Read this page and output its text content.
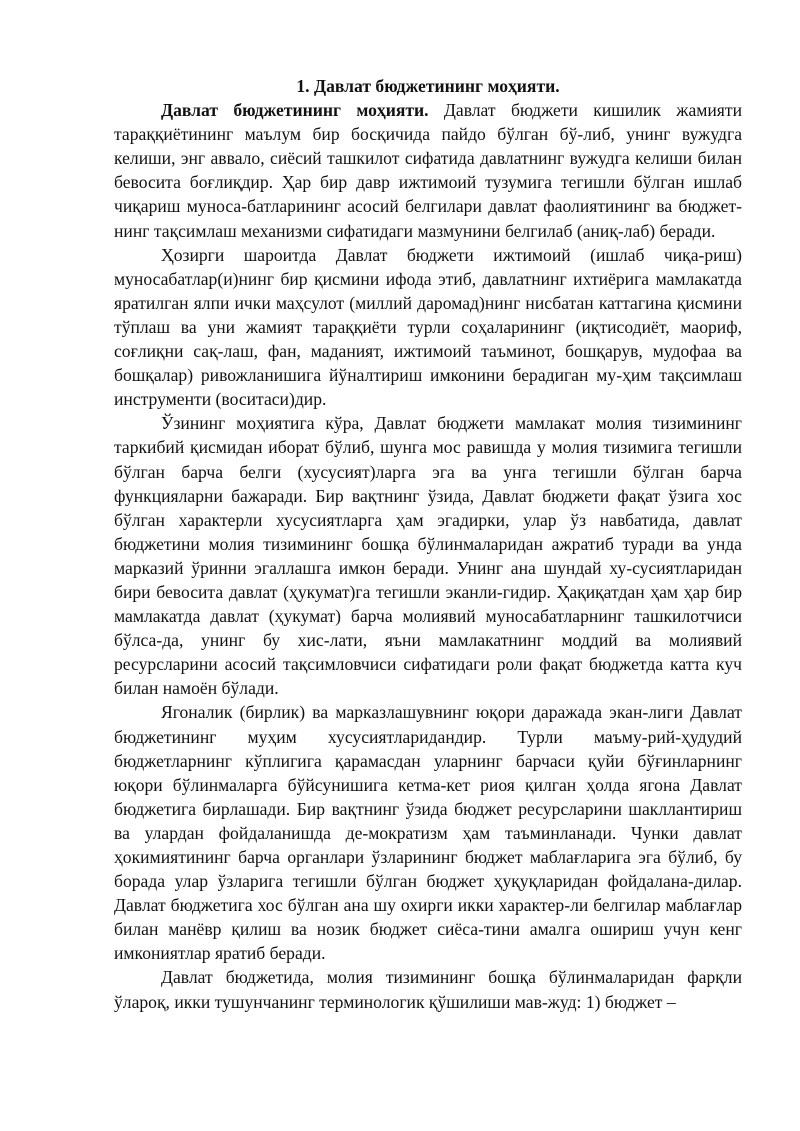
1. Давлат бюджетининг моҳияти.

Давлат бюджетининг моҳияти. Давлат бюджети кишилик жамияти тараққиётининг маълум бир босқичида пайдо бўлган бў-либ, унинг вужудга келиши, энг аввало, сиёсий ташкилот сифатида давлатнинг вужудга келиши билан бевосита боғлиқдир. Ҳар бир давр ижтимоий тузумига тегишли бўлган ишлаб чиқариш муноса-батларининг асосий белгилари давлат фаолиятининг ва бюджет-нинг тақсимлаш механизми сифатидаги мазмунини белгилаб (аниқ-лаб) беради.

Ҳозирги шароитда Давлат бюджети ижтимоий (ишлаб чиқа-риш) муносабатлар(и)нинг бир қисмини ифода этиб, давлатнинг ихтиёрига мамлакатда яратилган ялпи ички маҳсулот (миллий даромад)нинг нисбатан каттагина қисмини тўплаш ва уни жамият тараққиёти турли соҳаларининг (иқтисодиёт, маориф, соғлиқни сақ-лаш, фан, маданият, ижтимоий таъминот, бошқарув, мудофаа ва бошқалар) ривожланишига йўналтириш имконини берадиган му-ҳим тақсимлаш инструменти (воситаси)дир.

Ўзининг моҳиятига кўра, Давлат бюджети мамлакат молия тизимининг таркибий қисмидан иборат бўлиб, шунга мос равишда у молия тизимига тегишли бўлган барча белги (хусусият)ларга эга ва унга тегишли бўлган барча функцияларни бажаради. Бир вақтнинг ўзида, Давлат бюджети фақат ўзига хос бўлган характерли хусусиятларга ҳам эгадирки, улар ўз навбатида, давлат бюджетини молия тизимининг бошқа бўлинмаларидан ажратиб туради ва унда марказий ўринни эгаллашга имкон беради. Унинг ана шундай ху-сусиятларидан бири бевосита давлат (ҳукумат)га тегишли эканли-гидир. Ҳақиқатдан ҳам ҳар бир мамлакатда давлат (ҳукумат) барча молиявий муносабатларнинг ташкилотчиси бўлса-да, унинг бу хис-лати, яъни мамлакатнинг моддий ва молиявий ресурсларини асосий тақсимловчиси сифатидаги роли фақат бюджетда катта куч билан намоён бўлади.

Ягоналик (бирлик) ва марказлашувнинг юқори даражада экан-лиги Давлат бюджетининг муҳим хусусиятларидандир. Турли маъму-рий-ҳудудий бюджетларнинг кўплигига қарамасдан уларнинг барчаси қуйи бўғинларнинг юқори бўлинмаларга бўйсунишига кетма-кет риоя қилган ҳолда ягона Давлат бюджетига бирлашади. Бир вақтнинг ўзида бюджет ресурсларини шакллантириш ва улардан фойдаланишда де-мократизм ҳам таъминланади. Чунки давлат ҳокимиятининг барча органлари ўзларининг бюджет маблағларига эга бўлиб, бу борада улар ўзларига тегишли бўлган бюджет ҳуқуқларидан фойдалана-дилар. Давлат бюджетига хос бўлган ана шу охирги икки характер-ли белгилар маблағлар билан манёвр қилиш ва нозик бюджет сиёса-тини амалга ошириш учун кенг имкониятлар яратиб беради.

Давлат бюджетида, молия тизимининг бошқа бўлинмаларидан фарқли ўлароқ, икки тушунчанинг терминологик қўшилиши мав-жуд: 1) бюджет –
